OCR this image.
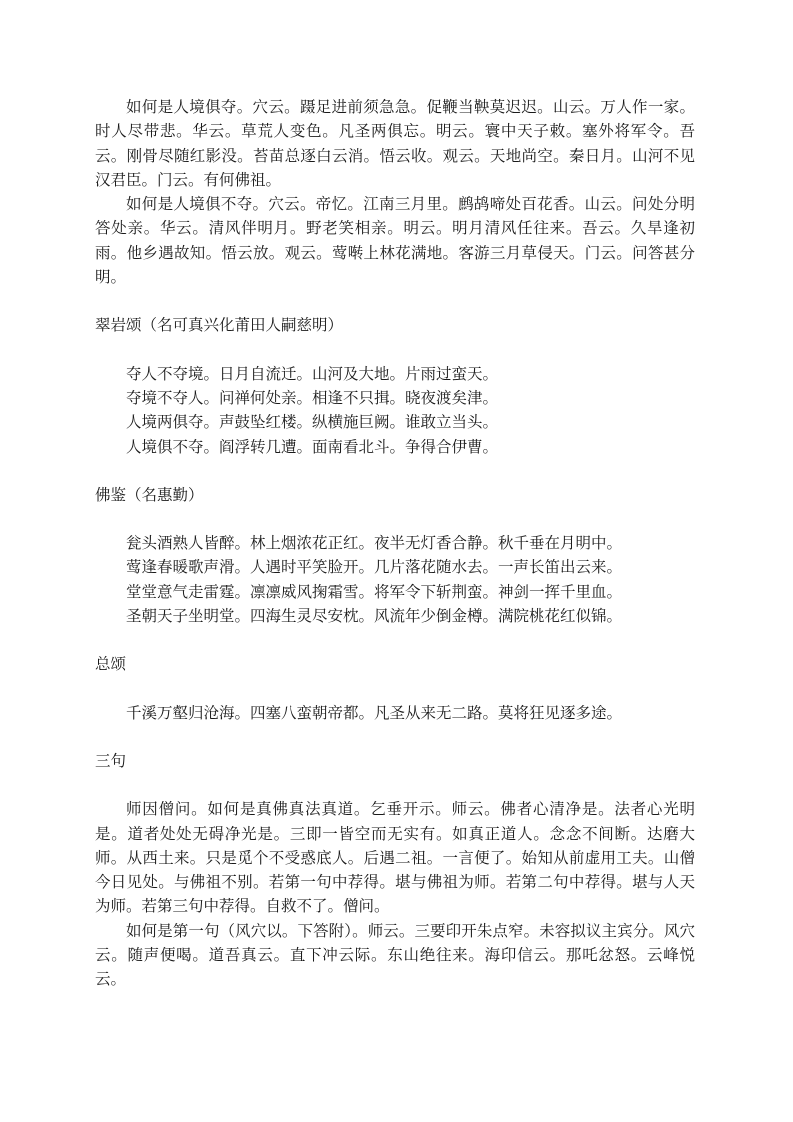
如何是人境俱夺。穴云。蹑足进前须急急。促鞭当鞅莫迟迟。山云。万人作一家。时人尽带悲。华云。草荒人变色。凡圣两俱忘。明云。寰中天子敕。塞外将军令。吾云。刚骨尽随红影没。苔苗总逐白云消。悟云收。观云。天地尚空。秦日月。山河不见汉君臣。门云。有何佛祖。

如何是人境俱不夺。穴云。帝忆。江南三月里。鹧鸪啼处百花香。山云。问处分明答处亲。华云。清风伴明月。野老笑相亲。明云。明月清风任往来。吾云。久旱逢初雨。他乡遇故知。悟云放。观云。莺啭上林花满地。客游三月草侵天。门云。问答甚分明。

翠岩颂（名可真兴化莆田人嗣慈明）

夺人不夺境。日月自流迁。山河及大地。片雨过蛮天。

夺境不夺人。问禅何处亲。相逢不只揖。晓夜渡矣津。

人境两俱夺。声鼓坠红楼。纵横施巨阙。谁敢立当头。

人境俱不夺。阎浮转几遭。面南看北斗。争得合伊曹。

佛鉴（名惠勤）

瓮头酒熟人皆醉。林上烟浓花正红。夜半无灯香合静。秋千垂在月明中。

莺逢春暖歌声滑。人遇时平笑脸开。几片落花随水去。一声长笛出云来。

堂堂意气走雷霆。凛凛威风掬霜雪。将军令下斩荆蛮。神剑一挥千里血。

圣朝天子坐明堂。四海生灵尽安枕。风流年少倒金樽。满院桃花红似锦。

总颂

千溪万壑归沧海。四塞八蛮朝帝都。凡圣从来无二路。莫将狂见逐多途。

三句

师因僧问。如何是真佛真法真道。乞垂开示。师云。佛者心清净是。法者心光明是。道者处处无碍净光是。三即一皆空而无实有。如真正道人。念念不间断。达磨大师。从西土来。只是觅个不受惑底人。后遇二祖。一言便了。始知从前虚用工夫。山僧今日见处。与佛祖不别。若第一句中荐得。堪与佛祖为师。若第二句中荐得。堪与人天为师。若第三句中荐得。自救不了。僧问。

如何是第一句（风穴以。下答附）。师云。三要印开朱点窄。未容拟议主宾分。风穴云。随声便喝。道吾真云。直下冲云际。东山绝往来。海印信云。那吒忿怒。云峰悦云。
